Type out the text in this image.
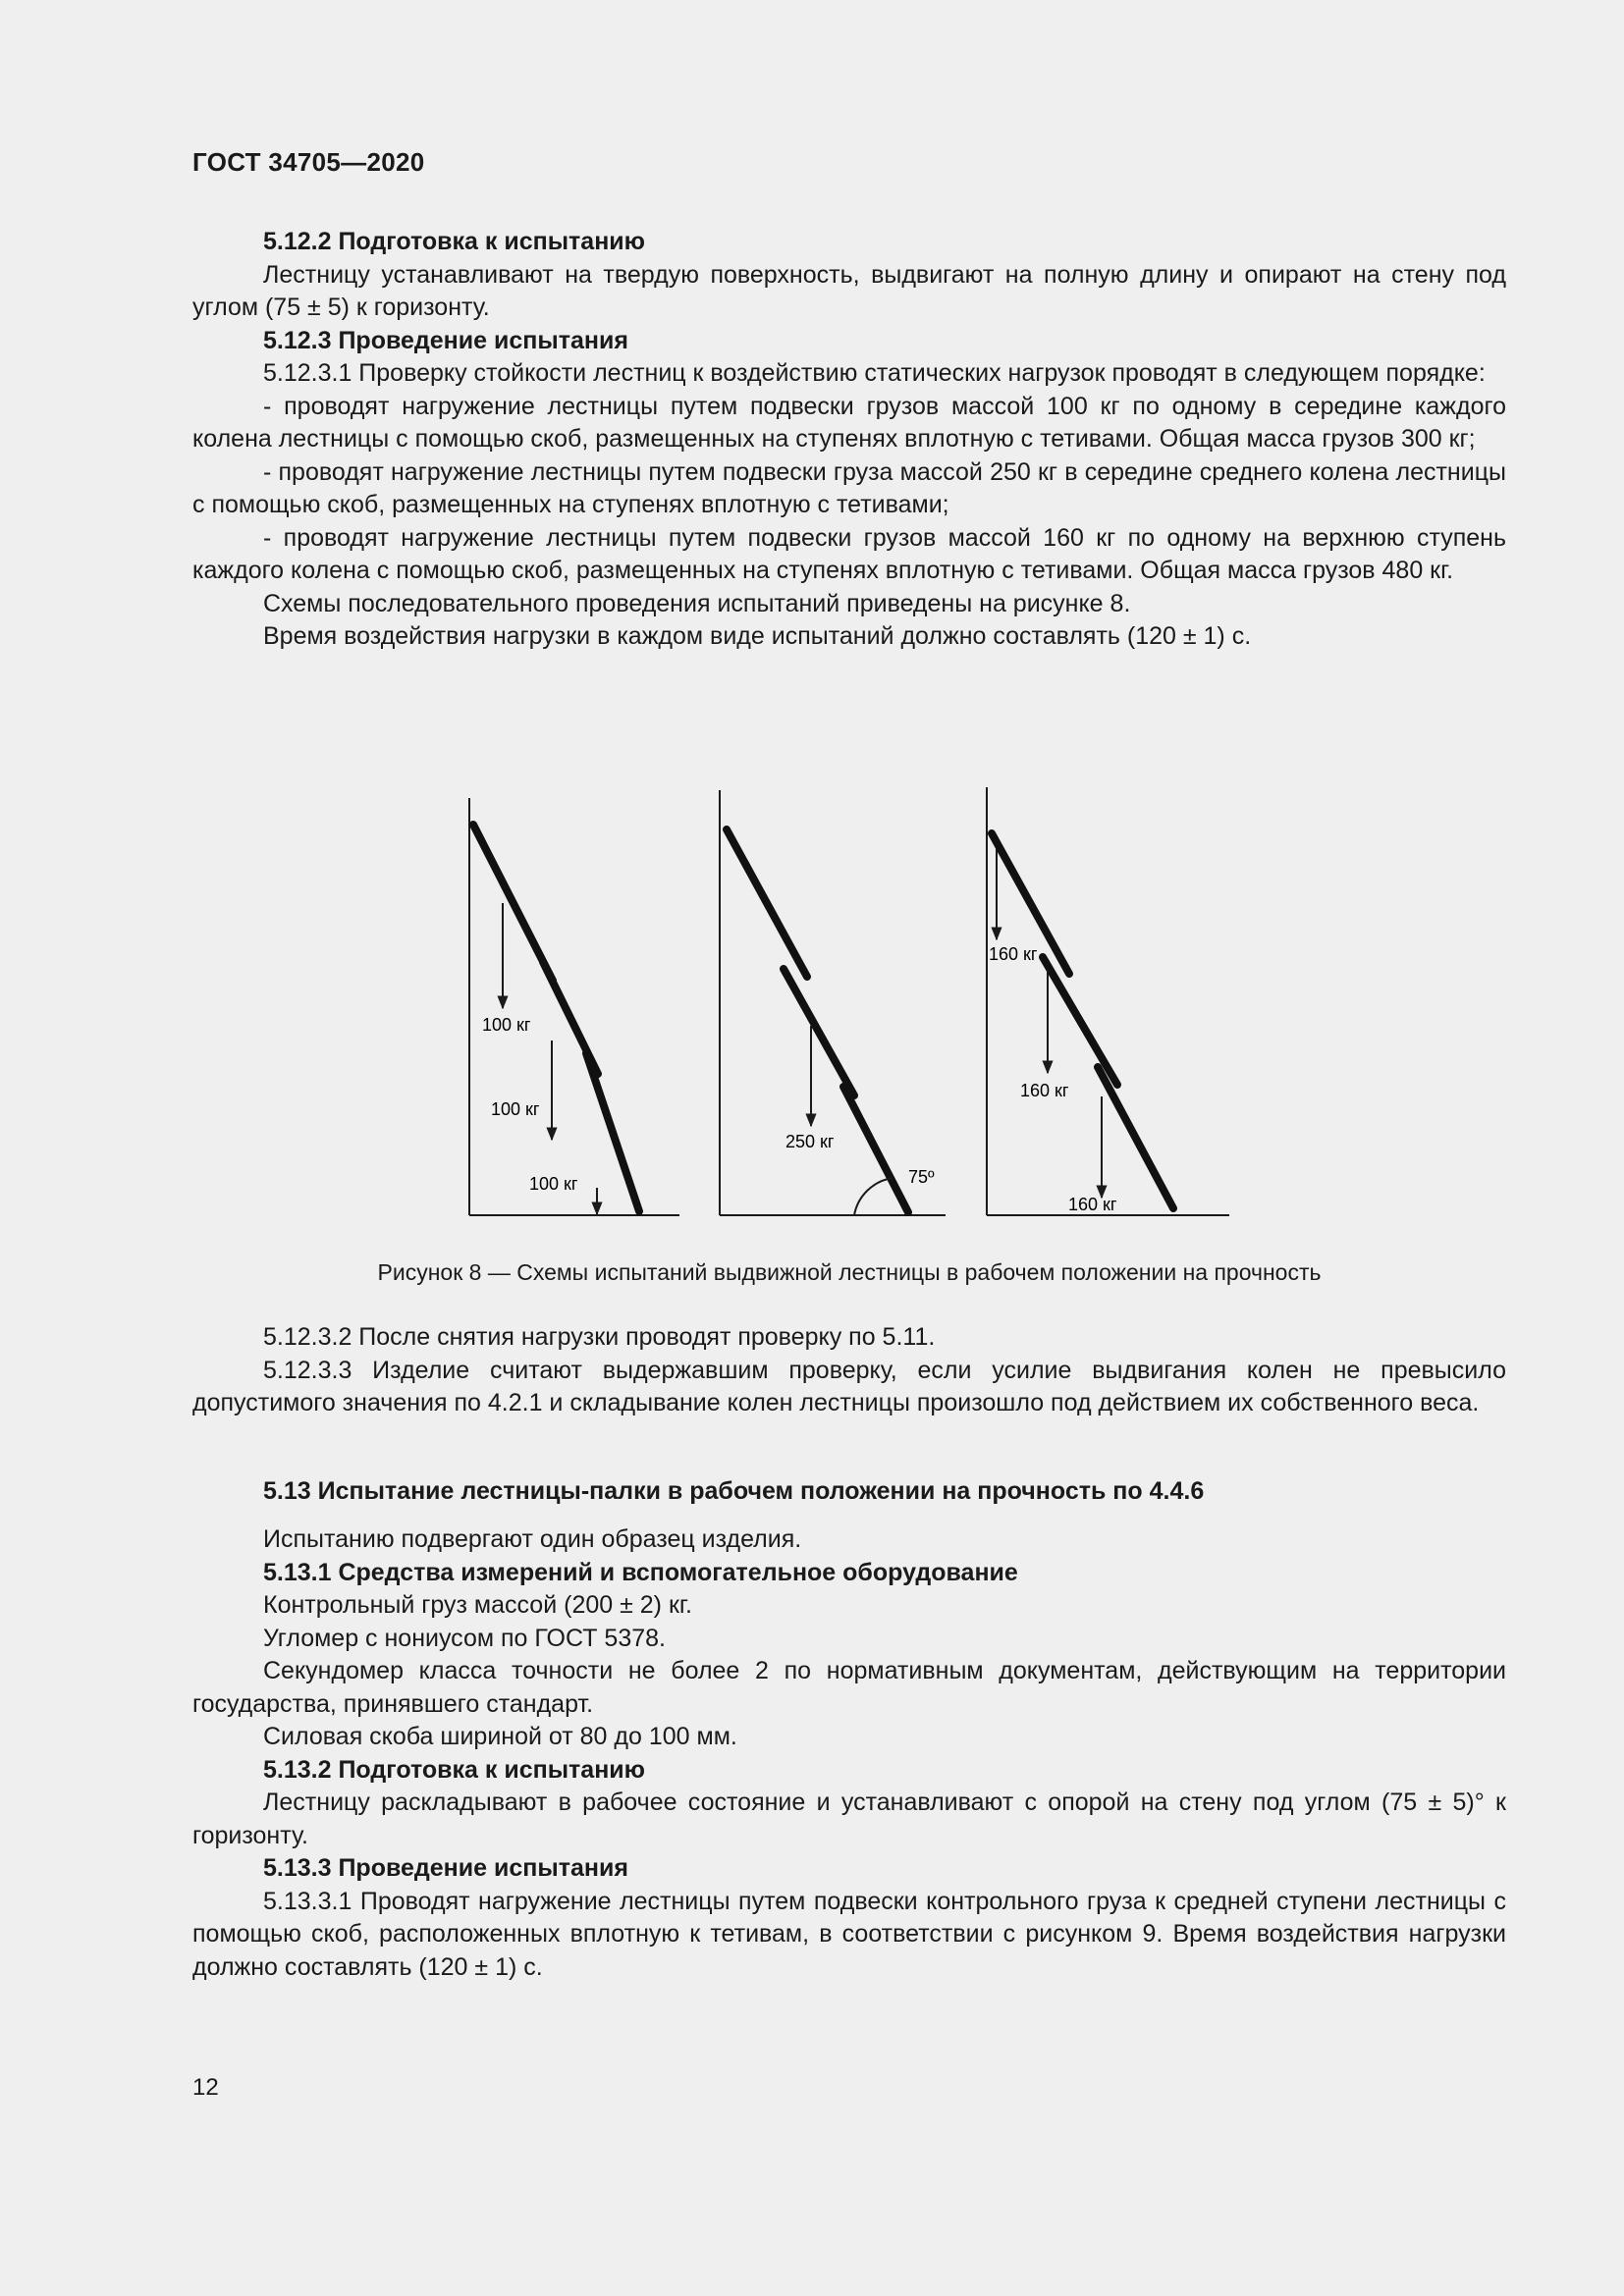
ГОСТ 34705—2020

5.12.2 Подготовка к испытанию

Лестницу устанавливают на твердую поверхность, выдвигают на полную длину и опирают на стену под углом (75 ± 5) к горизонту.

5.12.3 Проведение испытания

5.12.3.1 Проверку стойкости лестниц к воздействию статических нагрузок проводят в следующем порядке:

- проводят нагружение лестницы путем подвески грузов массой 100 кг по одному в середине каждого колена лестницы с помощью скоб, размещенных на ступенях вплотную с тетивами. Общая масса грузов 300 кг;

- проводят нагружение лестницы путем подвески груза массой 250 кг в середине среднего колена лестницы с помощью скоб, размещенных на ступенях вплотную с тетивами;

- проводят нагружение лестницы путем подвески грузов массой 160 кг по одному на верхнюю ступень каждого колена с помощью скоб, размещенных на ступенях вплотную с тетивами. Общая масса грузов 480 кг.

Схемы последовательного проведения испытаний приведены на рисунке 8.

Время воздействия нагрузки в каждом виде испытаний должно составлять (120 ± 1) с.

100 кг
100 кг
100 кг
250 кг
75º
160 кг
160 кг
160 кг
Рисунок 8 — Схемы испытаний выдвижной лестницы в рабочем положении на прочность

5.12.3.2 После снятия нагрузки проводят проверку по 5.11.

5.12.3.3 Изделие считают выдержавшим проверку, если усилие выдвигания колен не превысило допустимого значения по 4.2.1 и складывание колен лестницы произошло под действием их собственного веса.

5.13 Испытание лестницы-палки в рабочем положении на прочность по 4.4.6

Испытанию подвергают один образец изделия.

5.13.1 Средства измерений и вспомогательное оборудование

Контрольный груз массой (200 ± 2) кг.

Угломер с нониусом по ГОСТ 5378.

Секундомер класса точности не более 2 по нормативным документам, действующим на территории государства, принявшего стандарт.

Силовая скоба шириной от 80 до 100 мм.

5.13.2 Подготовка к испытанию

Лестницу раскладывают в рабочее состояние и устанавливают с опорой на стену под углом (75 ± 5)° к горизонту.

5.13.3 Проведение испытания

5.13.3.1 Проводят нагружение лестницы путем подвески контрольного груза к средней ступени лестницы с помощью скоб, расположенных вплотную к тетивам, в соответствии с рисунком 9. Время воздействия нагрузки должно составлять (120 ± 1) с.

12
